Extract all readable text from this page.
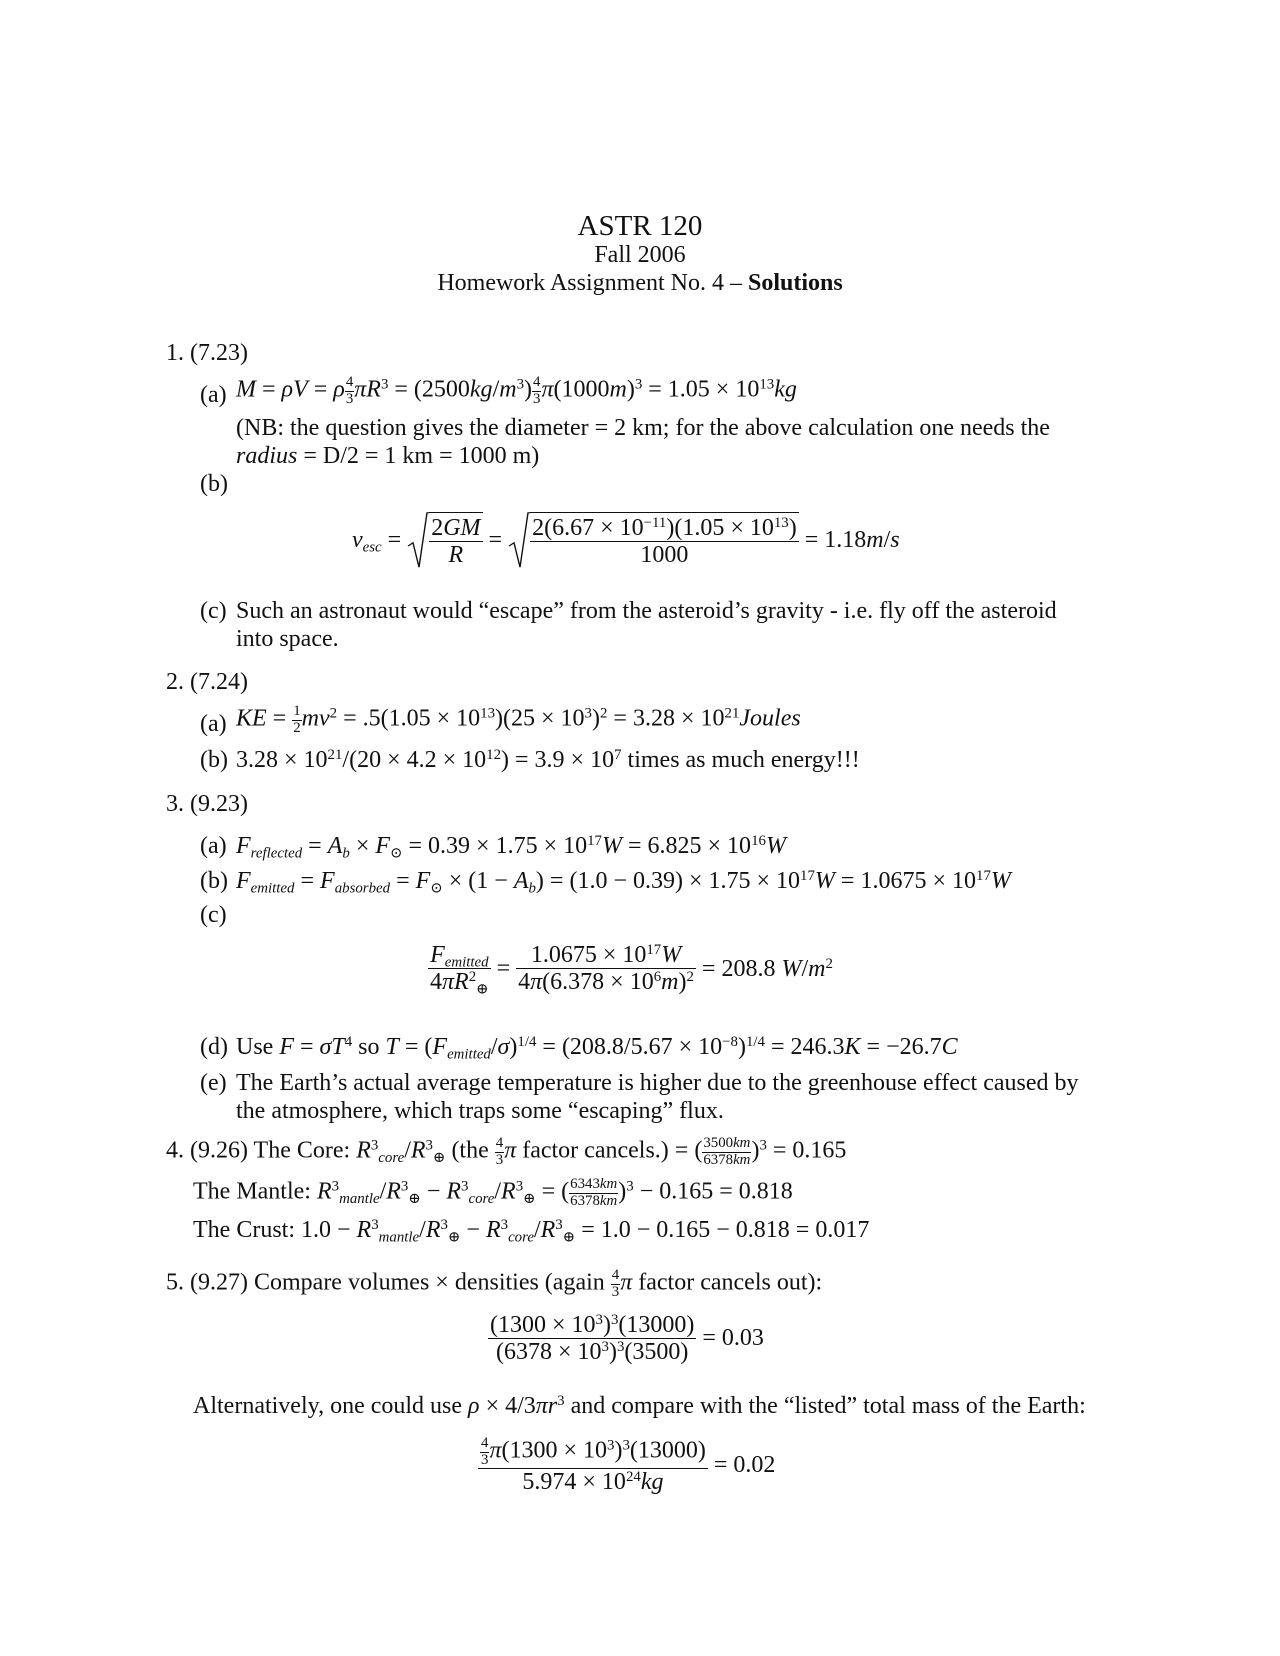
ASTR 120
Fall 2006
Homework Assignment No. 4 – Solutions
1. (7.23)
(a) M = ρV = ρ $\frac{4}{3} \pi R^3 = (2500kg/m^3) \frac{4}{3} \pi(1000m)^3 = 1.05 \times 10^{13}kg$
(NB: the question gives the diameter = 2 km; for the above calculation one needs the
radius = D/2 = 1 km = 1000 m)
(b)
$v_{esc} = \frac{2GM}{R} = \frac{2(6.67 \times 10^{-11})(1.05 \times 10^{13})}{1000} = 1.18m/s$
(c) Such an astronaut would “escape” from the asteroid’s gravity - i.e. fly off the asteroid
into space.
2. (7.24)
(a) KE = $\frac{1}{2} mv^2 = .5(1.05 \times 10^{13})(25 \times 10^3)^2 = 3.28$ × $10^{21}Joules$
(b) $3.28 \times 10^{21}/(20 \times 4.2 \times 10^{12}) = 3.9 \times 10^7$ times as much energy!!!
3. (9.23)
(a) $F_{reflected} = A_b \times F_⊙ = 0.39 \times 1.75 \times 10^{17}W = 6.825 \times 10^{16}W$
(b) $F_{emitted} = F_{absorbed} = F_⊙ \times (1 - A_b) = (1.0 - 0.39) \times 1.75 \times 10^{17}W = 1.0675 \times 10^{17}W$
(c)
$\frac{F_{emitted}}{4\pi R^2_\oplus} = \frac{1.0675 \times 10^{17}W}{4\pi(6.378 \times 10^6m)^2} = 208.8$ $W/m^2$
(d) Use $F = \sigma T^4$ so $T = (F_{emitted}/\sigma)^{1/4} = (208.8/5.67 \times 10^{-8})^{1/4} = 246.3K = -26.7C$
(e) The Earth’s actual average temperature is higher due to the greenhouse effect caused by
the atmosphere, which traps some “escaping” flux.
4. (9.26) The Core: $R^3_{core}/R^3_\oplus$ ($the \frac{4}{3}$ π factor cancels.) = ( $\frac{3500km}{6378km} )^3 = 0.165$
The Mantle: $R^3_{mantle}/R^3_\oplus - R^3_{core}/R^3_\oplus$ = ( $\frac{6343km}{6378km} )^3 - 0.165 = 0.818$
The Crust: $1.0 - R^3_{mantle}/R^3_\oplus - R^3_{core}/R^3_\oplus = 1.0 - 0.165 - 0.818 = 0.017$
5. (9.27) Compare volumes × densities (again $\frac{4}{3}$ π factor cancels out):
$\frac{(1300 \times 10^3)^3(13000)}{(6378 \times 10^3)^3(3500)} = 0.03$
Alternatively, one could use $\rho \times 4/3\pi r^3$ and compare with the “listed” total mass of the Earth:
$\frac{\frac{4}{3} \pi(1300 \times 10^3)^3(13000)}{5.974 \times 10^{24}kg} = 0.02$
